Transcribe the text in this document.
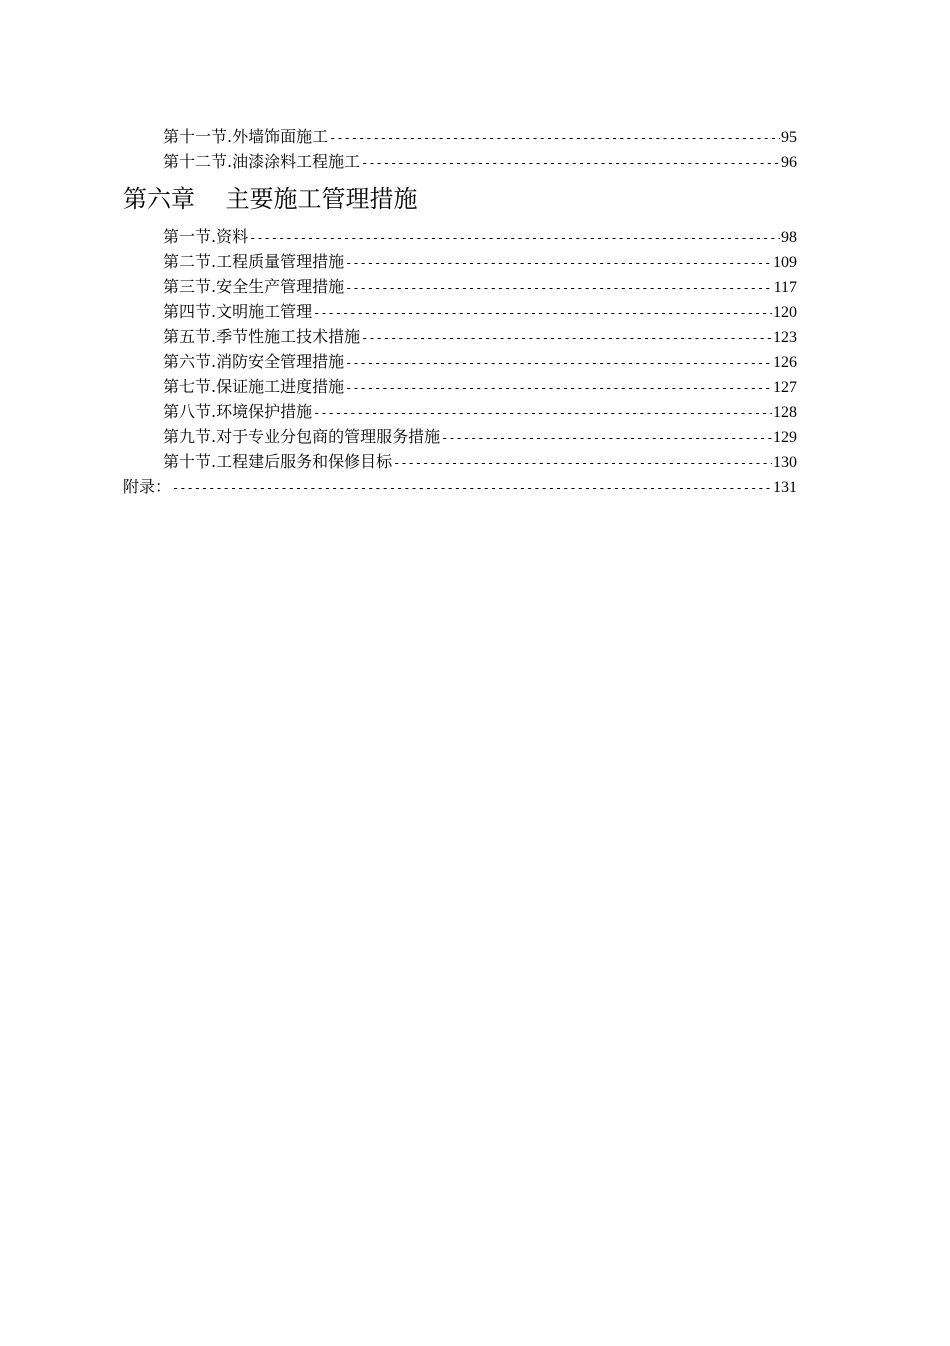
第十一节.外墙饰面施工 -----	95
第十二节.油漆涂料工程施工 -----	96
第六章    主要施工管理措施
第一节.资料 -----	98
第二节.工程质量管理措施 -----	109
第三节.安全生产管理措施 -----	117
第四节.文明施工管理 -----	120
第五节.季节性施工技术措施 -----	123
第六节.消防安全管理措施 -----	126
第七节.保证施工进度措施 -----	127
第八节.环境保护措施 -----	128
第九节.对于专业分包商的管理服务措施 -----	129
第十节.工程建后服务和保修目标 -----	130
附录： -----	131
